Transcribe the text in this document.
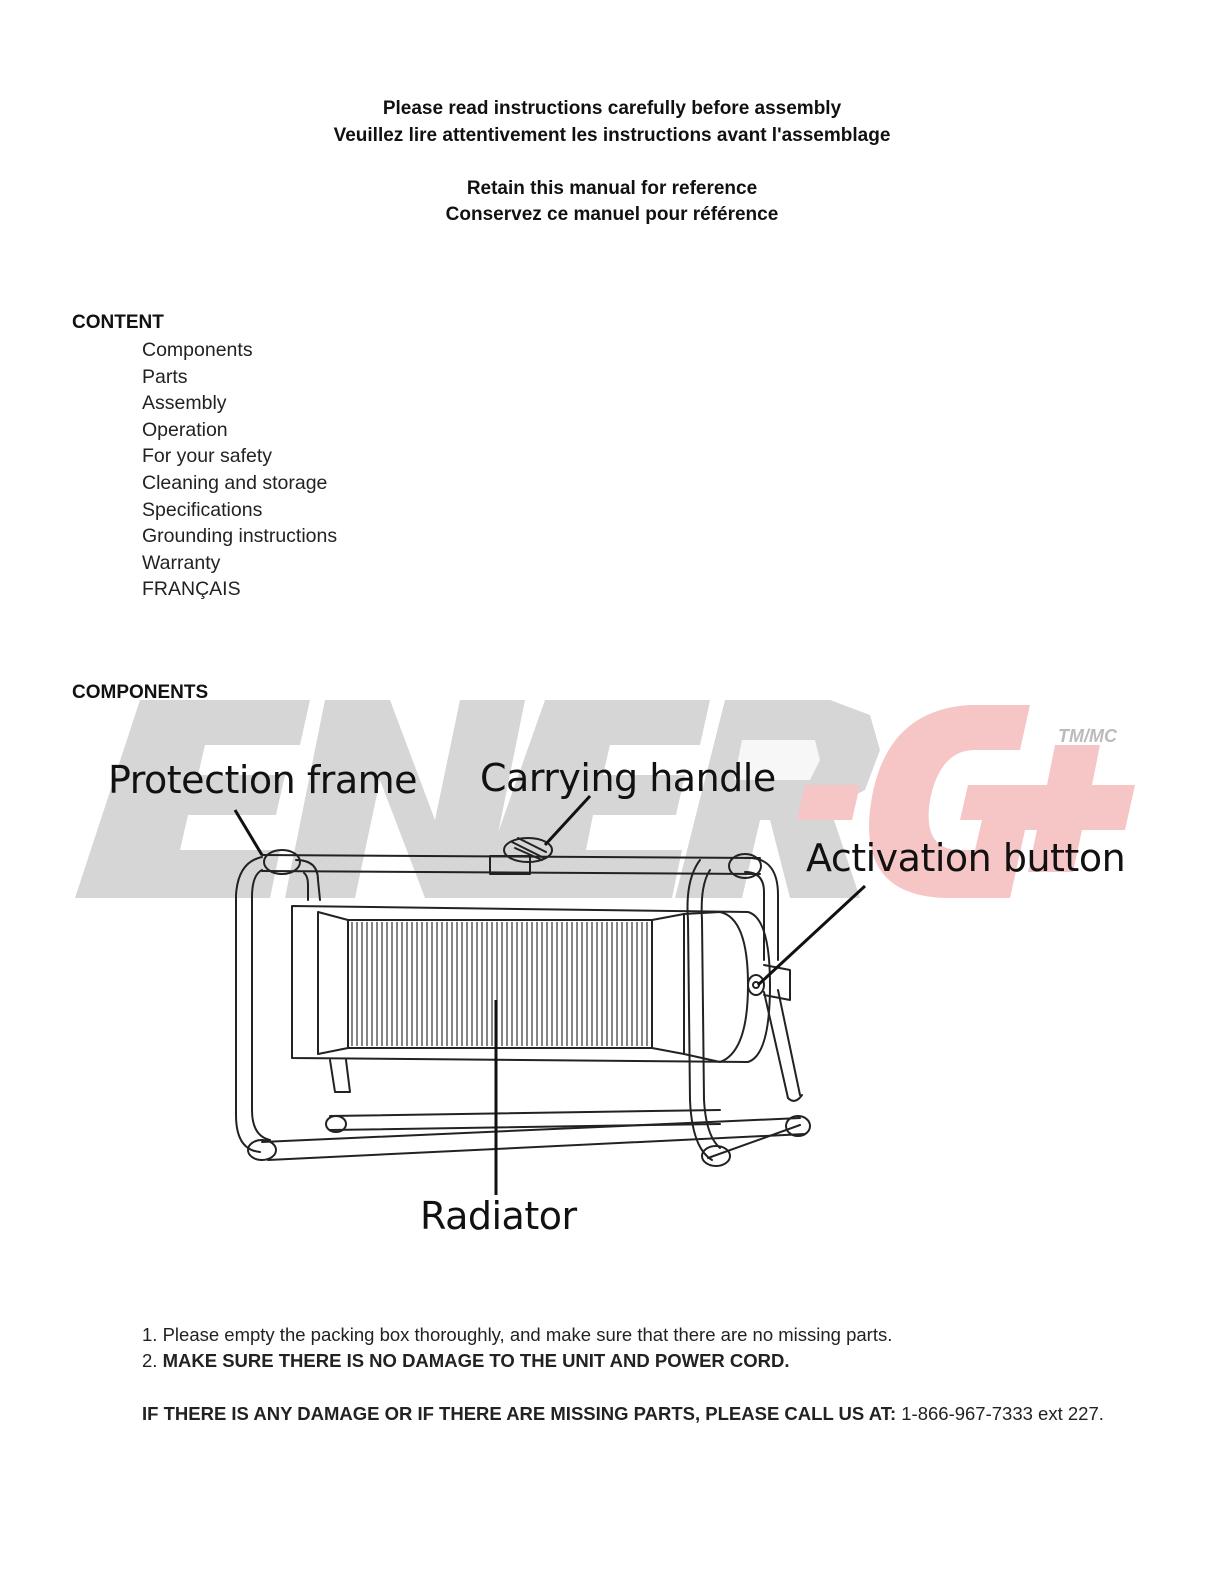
Please read instructions carefully before assembly
Veuillez lire attentivement les instructions avant l'assemblage
Retain this manual for reference
Conservez ce manuel pour référence
CONTENT
Components
Parts
Assembly
Operation
For your safety
Cleaning and storage
Specifications
Grounding instructions
Warranty
FRANÇAIS
TM/MC
COMPONENTS
Protection frame Carrying handle
Activation button
Radiator
1. Please empty the packing box thoroughly, and make sure that there are no missing parts.
2. MAKE SURE THERE IS NO DAMAGE TO THE UNIT AND POWER CORD.
IF THERE IS ANY DAMAGE OR IF THERE ARE MISSING PARTS, PLEASE CALL US AT: 1-866-967-7333 ext 227.
